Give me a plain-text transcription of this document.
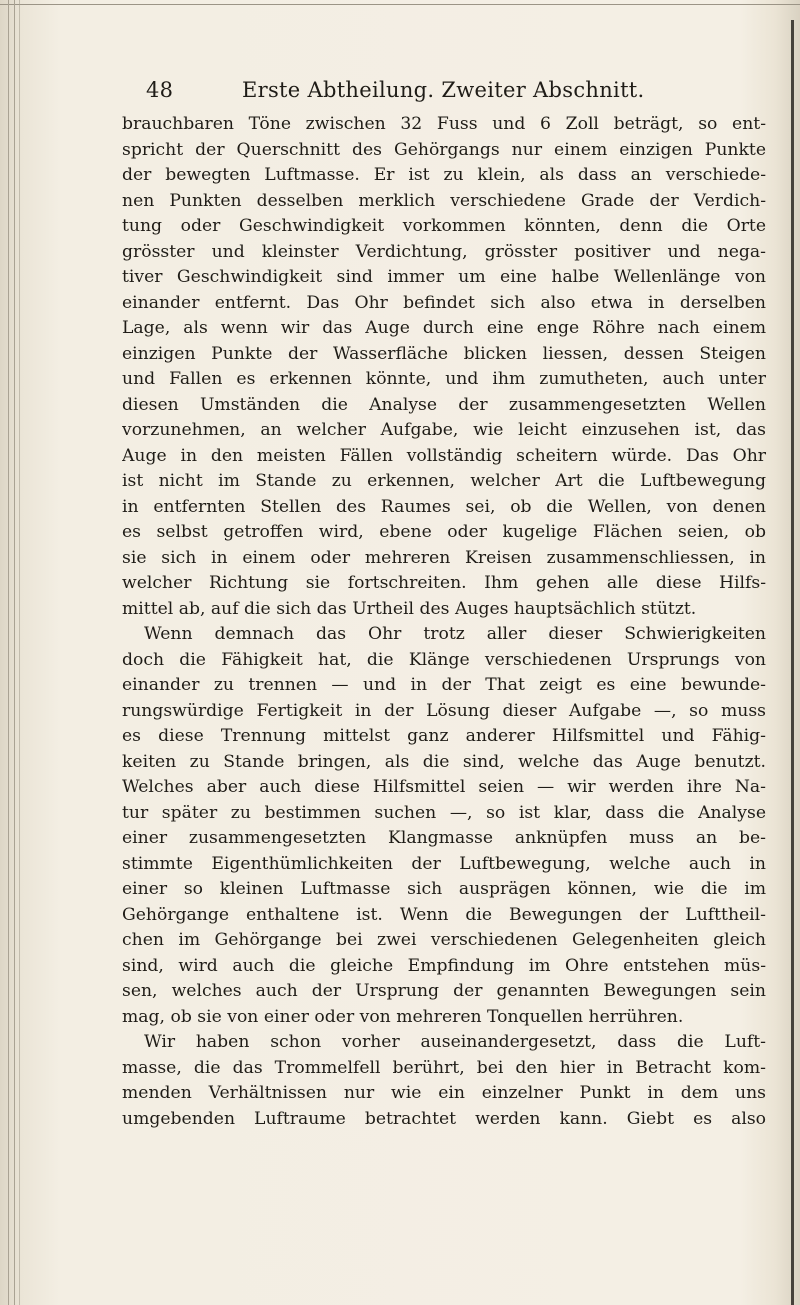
48	Erste Abtheilung. Zweiter Abschnitt.
brauchbaren Töne zwischen 32 Fuss und 6 Zoll beträgt, so ent-
spricht der Querschnitt des Gehörgangs nur einem einzigen Punkte
der bewegten Luftmasse. Er ist zu klein, als dass an verschiede-
nen Punkten desselben merklich verschiedene Grade der Verdich-
tung oder Geschwindigkeit vorkommen könnten, denn die Orte
grösster und kleinster Verdichtung, grösster positiver und nega-
tiver Geschwindigkeit sind immer um eine halbe Wellenlänge von
einander entfernt. Das Ohr befindet sich also etwa in derselben
Lage, als wenn wir das Auge durch eine enge Röhre nach einem
einzigen Punkte der Wasserfläche blicken liessen, dessen Steigen
und Fallen es erkennen könnte, und ihm zumutheten, auch unter
diesen Umständen die Analyse der zusammengesetzten Wellen
vorzunehmen, an welcher Aufgabe, wie leicht einzusehen ist, das
Auge in den meisten Fällen vollständig scheitern würde. Das Ohr
ist nicht im Stande zu erkennen, welcher Art die Luftbewegung
in entfernten Stellen des Raumes sei, ob die Wellen, von denen
es selbst getroffen wird, ebene oder kugelige Flächen seien, ob
sie sich in einem oder mehreren Kreisen zusammenschliessen, in
welcher Richtung sie fortschreiten. Ihm gehen alle diese Hilfs-
mittel ab, auf die sich das Urtheil des Auges hauptsächlich stützt.
Wenn demnach das Ohr trotz aller dieser Schwierigkeiten
doch die Fähigkeit hat, die Klänge verschiedenen Ursprungs von
einander zu trennen — und in der That zeigt es eine bewunde-
rungswürdige Fertigkeit in der Lösung dieser Aufgabe —, so muss
es diese Trennung mittelst ganz anderer Hilfsmittel und Fähig-
keiten zu Stande bringen, als die sind, welche das Auge benutzt.
Welches aber auch diese Hilfsmittel seien — wir werden ihre Na-
tur später zu bestimmen suchen —, so ist klar, dass die Analyse
einer zusammengesetzten Klangmasse anknüpfen muss an be-
stimmte Eigenthümlichkeiten der Luftbewegung, welche auch in
einer so kleinen Luftmasse sich ausprägen können, wie die im
Gehörgange enthaltene ist. Wenn die Bewegungen der Lufttheil-
chen im Gehörgange bei zwei verschiedenen Gelegenheiten gleich
sind, wird auch die gleiche Empfindung im Ohre entstehen müs-
sen, welches auch der Ursprung der genannten Bewegungen sein
mag, ob sie von einer oder von mehreren Tonquellen herrühren.
Wir haben schon vorher auseinandergesetzt, dass die Luft-
masse, die das Trommelfell berührt, bei den hier in Betracht kom-
menden Verhältnissen nur wie ein einzelner Punkt in dem uns
umgebenden Luftraume betrachtet werden kann. Giebt es also
